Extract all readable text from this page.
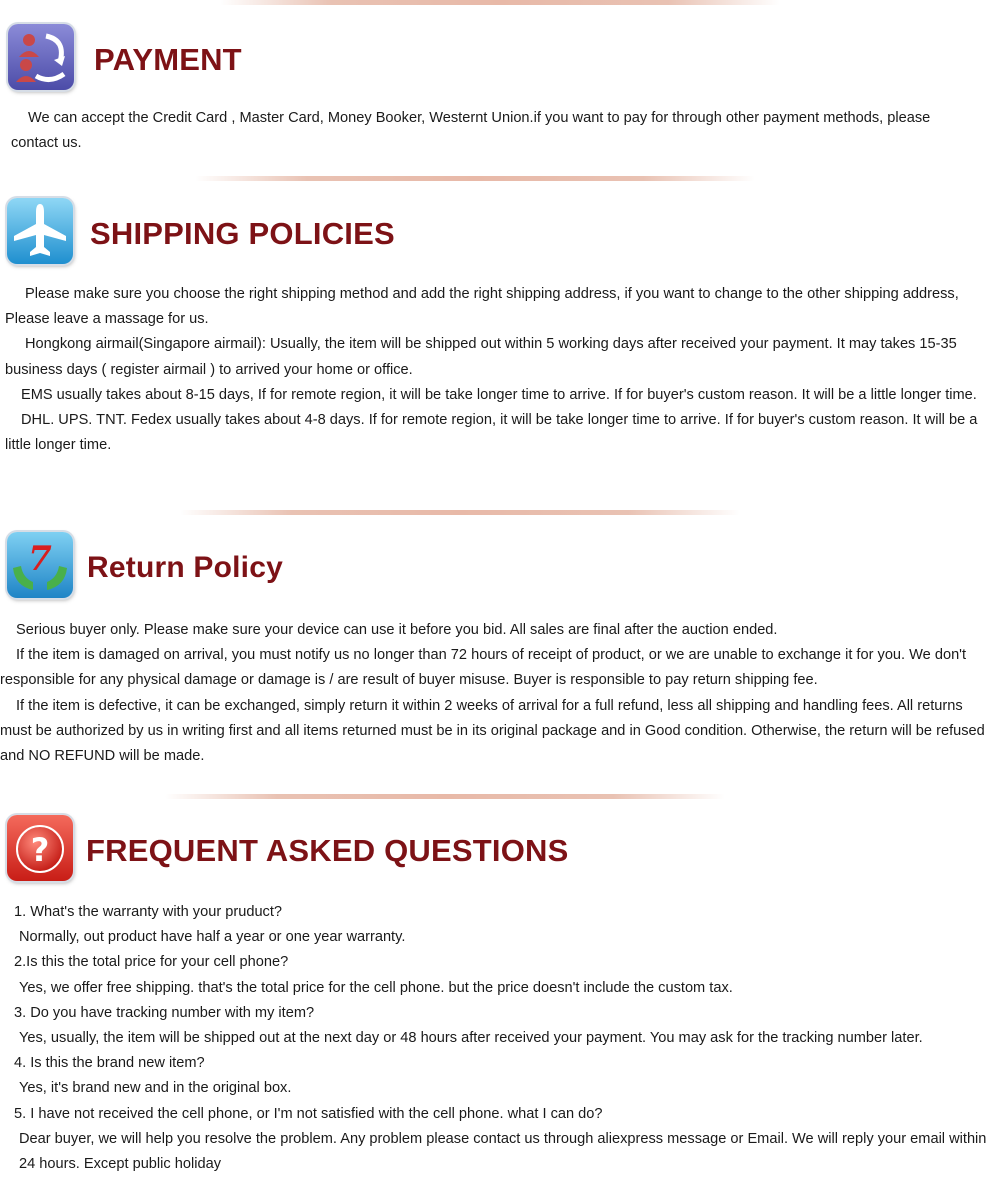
PAYMENT

We can accept the Credit Card , Master Card, Money Booker, Westernt Union.if you want to pay for through other payment methods, please contact us.

SHIPPING POLICIES

Please make sure you choose the right shipping method and add the right shipping address, if you want to change to the other shipping address, Please leave a massage for us.

Hongkong airmail(Singapore airmail): Usually, the item will be shipped out within 5 working days after received your payment. It may takes 15-35 business days ( register airmail ) to arrived your home or office.

EMS usually takes about 8-15 days, If for remote region, it will be take longer time to arrive. If for buyer's custom reason. It will be a little longer time.

DHL. UPS. TNT. Fedex usually takes about 4-8 days. If for remote region, it will be take longer time to arrive. If for buyer's custom reason. It will be a little longer time.

7 Return Policy

Serious buyer only. Please make sure your device can use it before you bid. All sales are final after the auction ended.

If the item is damaged on arrival, you must notify us no longer than 72 hours of receipt of product, or we are unable to exchange it for you. We don't responsible for any physical damage or damage is / are result of buyer misuse. Buyer is responsible to pay return shipping fee.

If the item is defective, it can be exchanged, simply return it within 2 weeks of arrival for a full refund, less all shipping and handling fees. All returns must be authorized by us in writing first and all items returned must be in its original package and in Good condition. Otherwise, the return will be refused and NO REFUND will be made.

? FREQUENT ASKED QUESTIONS

1. What's the warranty with your pruduct?

Normally, out product have half a year or one year warranty.

2.Is this the total price for your cell phone?

Yes, we offer free shipping. that's the total price for the cell phone. but the price doesn't include the custom tax.

3. Do you have tracking number with my item?

Yes, usually, the item will be shipped out at the next day or 48 hours after received your payment. You may ask for the tracking number later.

4. Is this the brand new item?

Yes, it's brand new and in the original box.

5. I have not received the cell phone, or I'm not satisfied with the cell phone. what I can do?

Dear buyer, we will help you resolve the problem. Any problem please contact us through aliexpress message or Email. We will reply your email within 24 hours. Except public holiday
